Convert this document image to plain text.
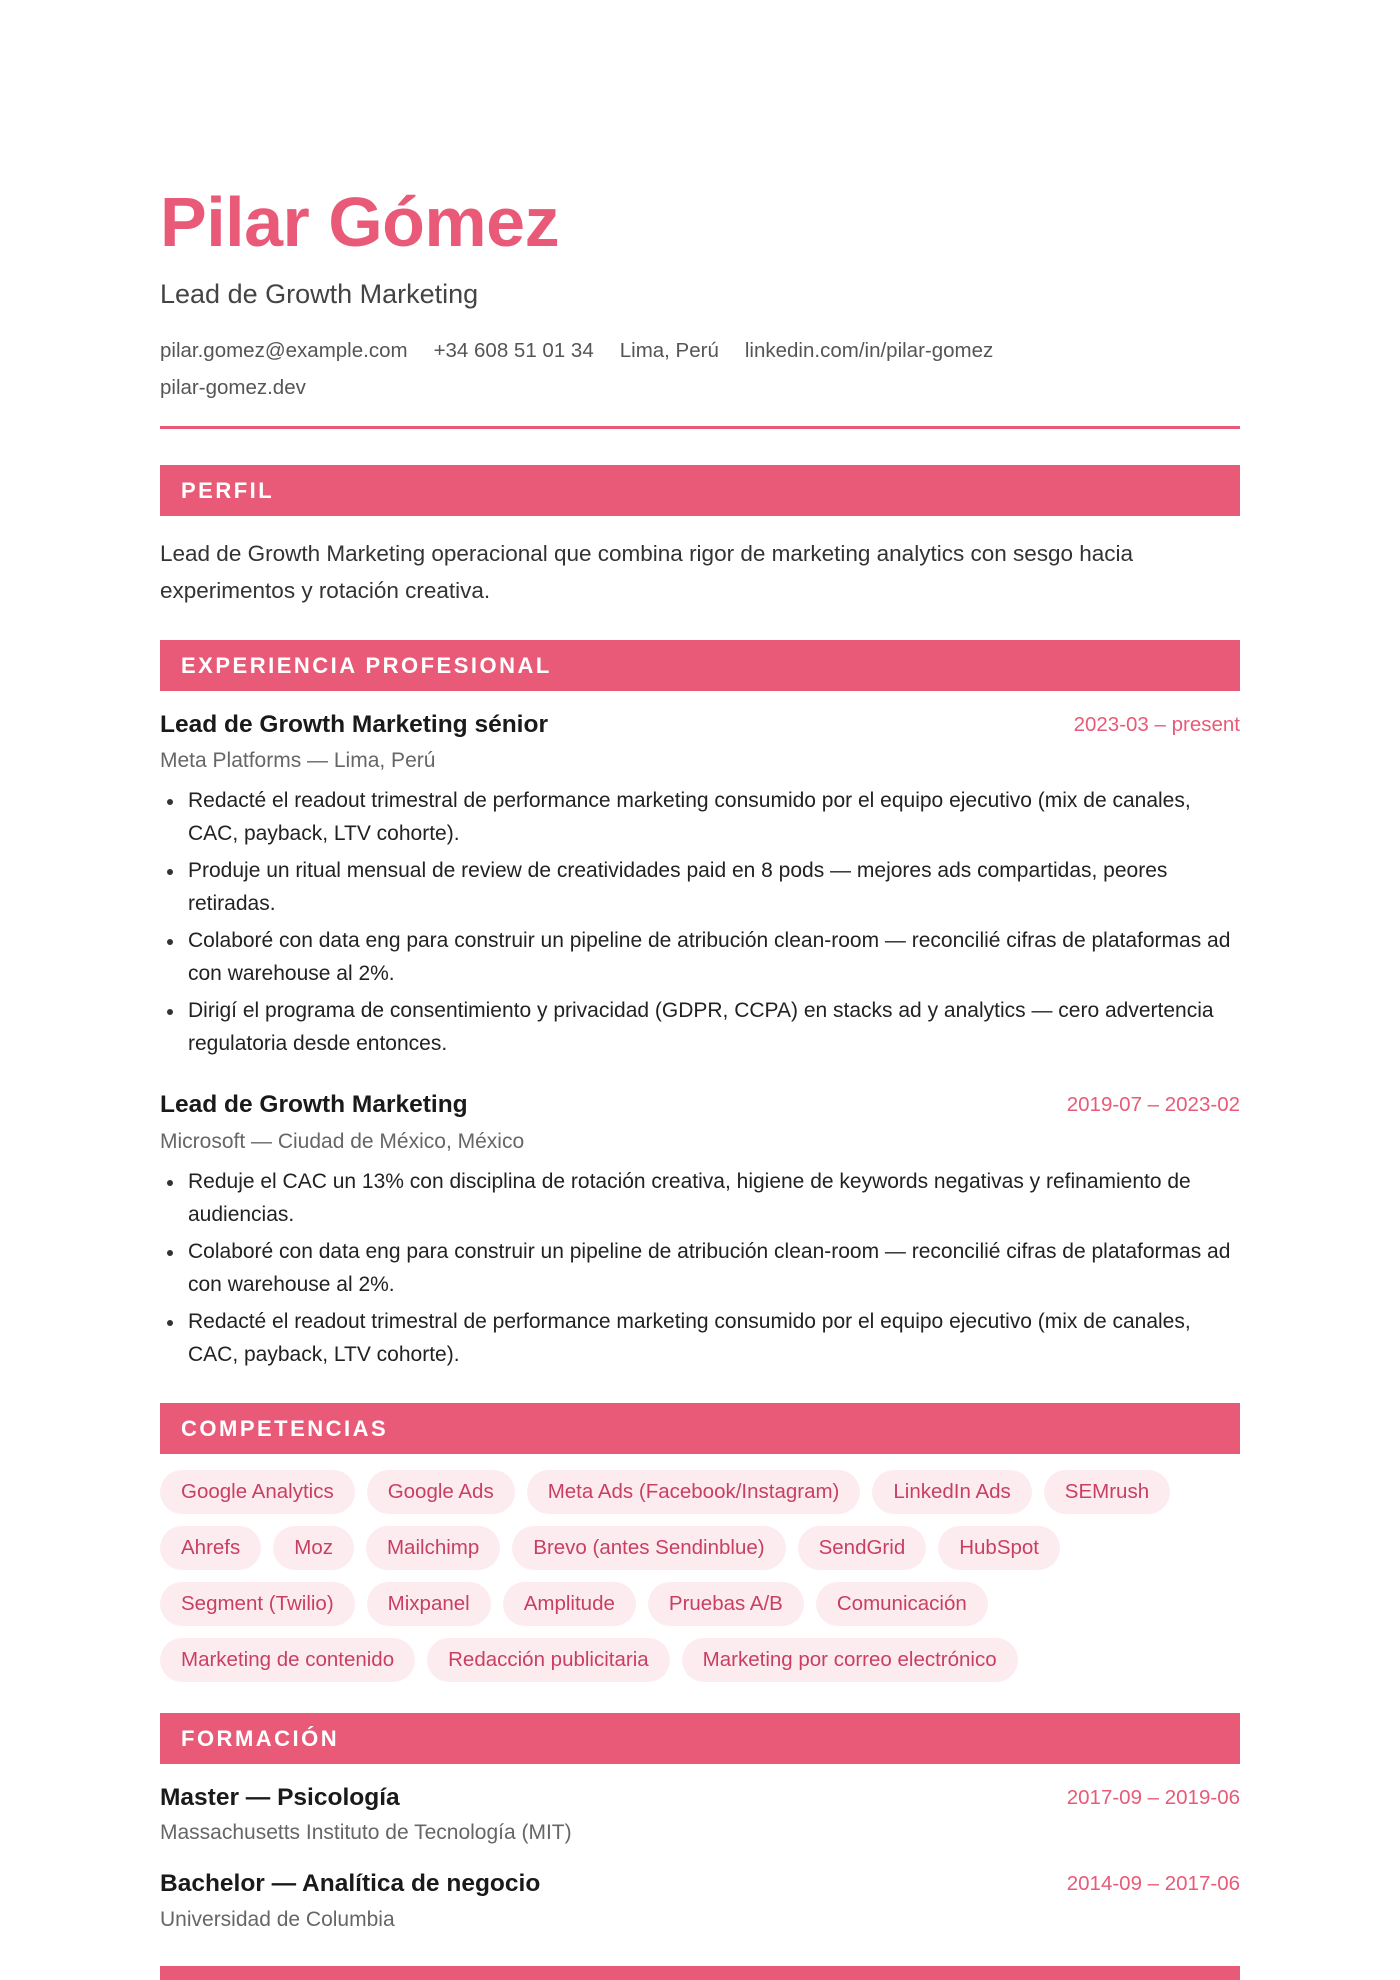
Pilar Gómez
Lead de Growth Marketing
pilar.gomez@example.com +34 608 51 01 34 Lima, Perú linkedin.com/in/pilar-gomez
pilar-gomez.dev
PERFIL
Lead de Growth Marketing operacional que combina rigor de marketing analytics con sesgo hacia experimentos y rotación creativa.
EXPERIENCIA PROFESIONAL
Lead de Growth Marketing sénior	2023-03 – present
Meta Platforms — Lima, Perú
Redacté el readout trimestral de performance marketing consumido por el equipo ejecutivo (mix de canales, CAC, payback, LTV cohorte).
Produje un ritual mensual de review de creatividades paid en 8 pods — mejores ads compartidas, peores retiradas.
Colaboré con data eng para construir un pipeline de atribución clean-room — reconcilié cifras de plataformas ad con warehouse al 2%.
Dirigí el programa de consentimiento y privacidad (GDPR, CCPA) en stacks ad y analytics — cero advertencia regulatoria desde entonces.
Lead de Growth Marketing	2019-07 – 2023-02
Microsoft — Ciudad de México, México
Reduje el CAC un 13% con disciplina de rotación creativa, higiene de keywords negativas y refinamiento de audiencias.
Colaboré con data eng para construir un pipeline de atribución clean-room — reconcilié cifras de plataformas ad con warehouse al 2%.
Redacté el readout trimestral de performance marketing consumido por el equipo ejecutivo (mix de canales, CAC, payback, LTV cohorte).
COMPETENCIAS
Google Analytics	Google Ads	Meta Ads (Facebook/Instagram)	LinkedIn Ads	SEMrush
Ahrefs	Moz	Mailchimp	Brevo (antes Sendinblue)	SendGrid	HubSpot
Segment (Twilio)	Mixpanel	Amplitude	Pruebas A/B	Comunicación
Marketing de contenido	Redacción publicitaria	Marketing por correo electrónico
FORMACIÓN
Master — Psicología	2017-09 – 2019-06
Massachusetts Instituto de Tecnología (MIT)
Bachelor — Analítica de negocio	2014-09 – 2017-06
Universidad de Columbia
